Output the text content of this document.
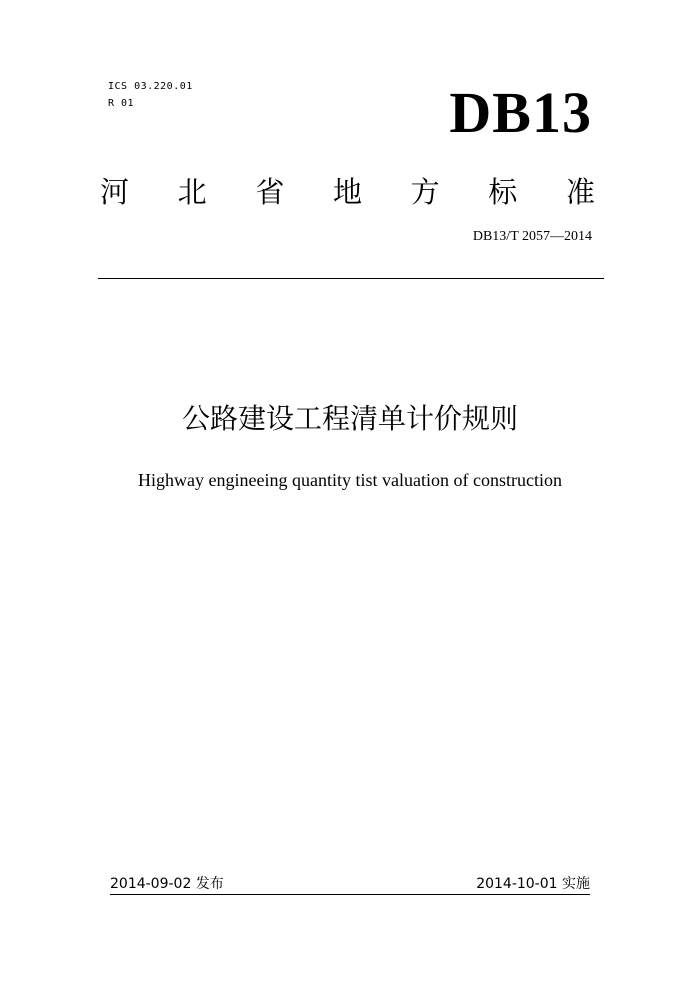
ICS 03.220.01
R 01	DB13
河 北 省 地 方 标 准
DB13/T 2057—2014
公路建设工程清单计价规则
Highway engineeing quantity tist valuation of construction
2014-09-02 发布	2014-10-01 实施
